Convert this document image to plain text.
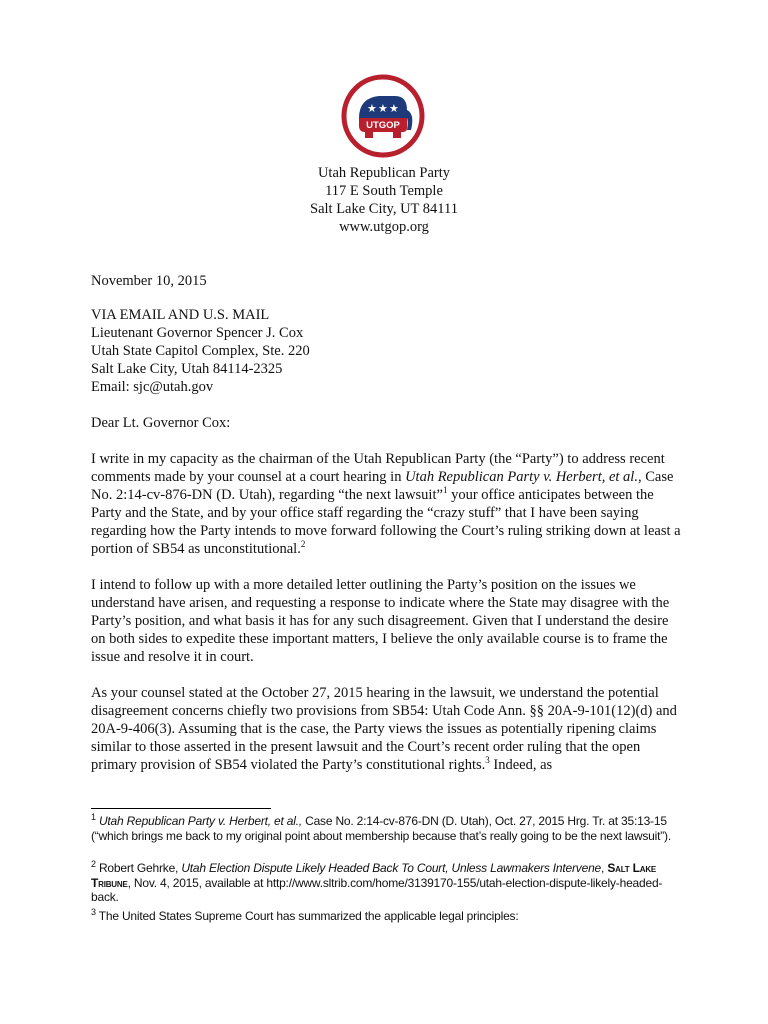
★ ★ ★
UTGOP
Utah Republican Party
117 E South Temple
Salt Lake City, UT 84111
www.utgop.org
November 10, 2015
VIA EMAIL AND U.S. MAIL
Lieutenant Governor Spencer J. Cox
Utah State Capitol Complex, Ste. 220
Salt Lake City, Utah 84114-2325
Email: sjc@utah.gov
Dear Lt. Governor Cox:

I write in my capacity as the chairman of the Utah Republican Party (the “Party”) to address recent comments made by your counsel at a court hearing in Utah Republican Party v. Herbert, et al., Case No. 2:14-cv-876-DN (D. Utah), regarding “the next lawsuit”$^1$ your office anticipates between the Party and the State, and by your office staff regarding the “crazy stuff” that I have been saying regarding how the Party intends to move forward following the Court’s ruling striking down at least a portion of SB54 as unconstitutional.$^2$

I intend to follow up with a more detailed letter outlining the Party’s position on the issues we understand have arisen, and requesting a response to indicate where the State may disagree with the Party’s position, and what basis it has for any such disagreement. Given that I understand the desire on both sides to expedite these important matters, I believe the only available course is to frame the issue and resolve it in court.

As your counsel stated at the October 27, 2015 hearing in the lawsuit, we understand the potential disagreement concerns chiefly two provisions from SB54: Utah Code Ann. §§ 20A-9-101(12)(d) and 20A-9-406(3). Assuming that is the case, the Party views the issues as potentially ripening claims similar to those asserted in the present lawsuit and the Court’s recent order ruling that the open primary provision of SB54 violated the Party’s constitutional rights.$^3$ Indeed, as

$^1$ Utah Republican Party v. Herbert, et al., Case No. 2:14-cv-876-DN (D. Utah), Oct. 27, 2015 Hrg. Tr. at 35:13-15 (“which brings me back to my original point about membership because that’s really going to be the next lawsuit”).

$^2$ Robert Gehrke, Utah Election Dispute Likely Headed Back To Court, Unless Lawmakers Intervene, Salt Lake Tribune, Nov. 4, 2015, available at http://www.sltrib.com/home/3139170-155/utah-election-dispute-likely-headed-back.

$^3$ The United States Supreme Court has summarized the applicable legal principles:
